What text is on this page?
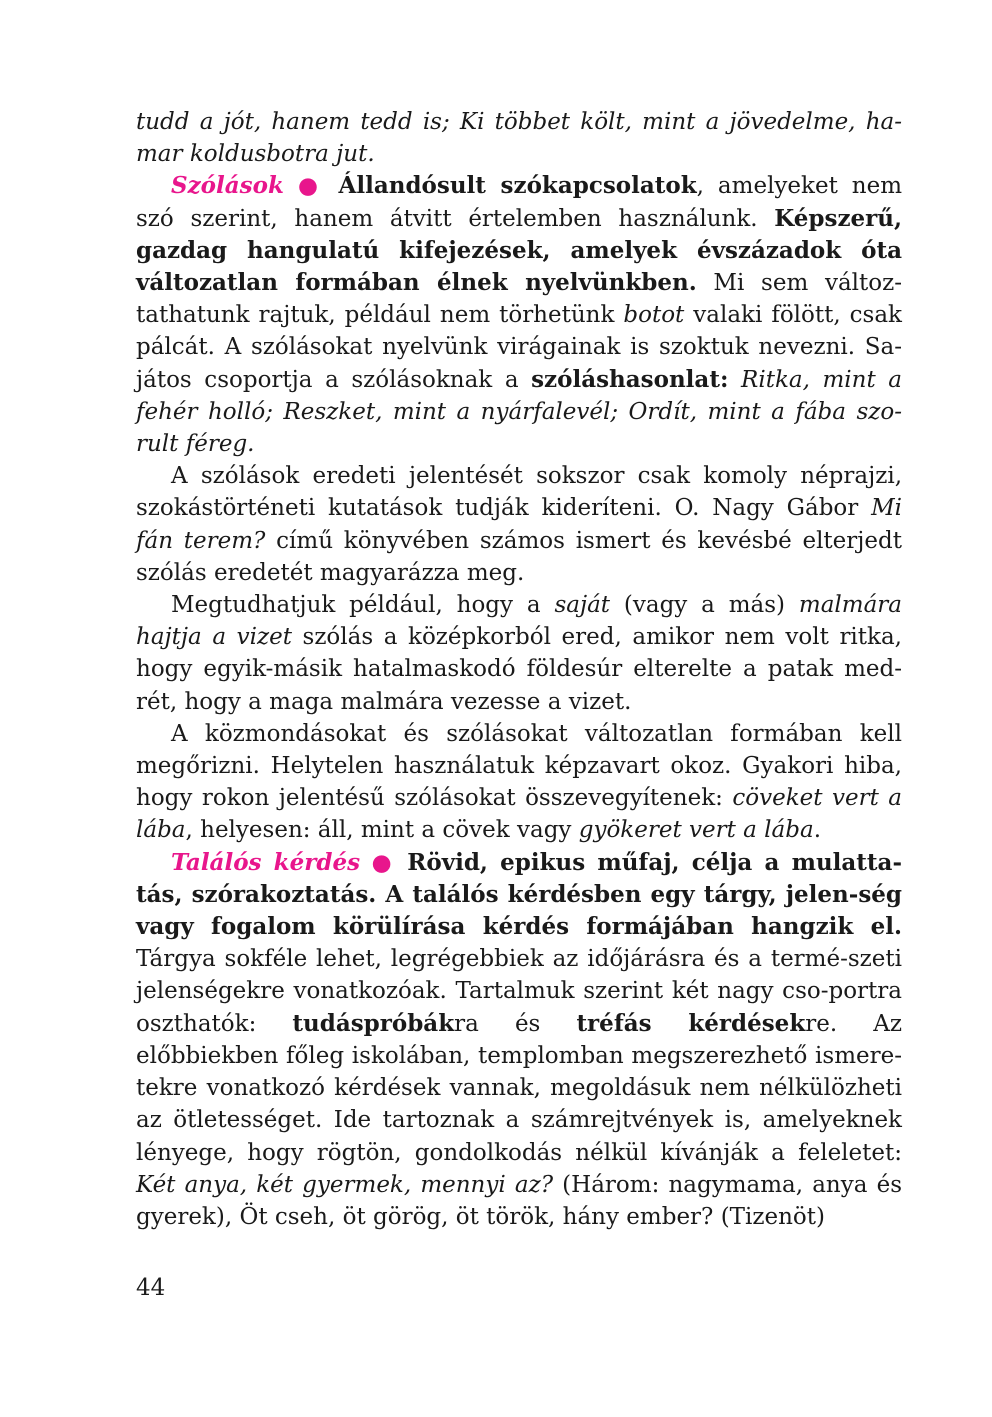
tudd a jót, hanem tedd is; Ki többet költ, mint a jövedelme, ha-mar koldusbotra jut.

Szólások ● Állandósult szókapcsolatok, amelyeket nem szó szerint, hanem átvitt értelemben használunk. Képszerű, gazdag hangulatú kifejezések, amelyek évszázadok óta változatlan formában élnek nyelvünkben. Mi sem változ-tathatunk rajtuk, például nem törhetünk botot valaki fölött, csak pálcát. A szólásokat nyelvünk virágainak is szoktuk nevezni. Sa-játos csoportja a szólásoknak a szóláshasonlat: Ritka, mint a fehér holló; Reszket, mint a nyárfalevél; Ordít, mint a fába szo-rult féreg.

A szólások eredeti jelentését sokszor csak komoly néprajzi, szokástörténeti kutatások tudják kideríteni. O. Nagy Gábor Mi fán terem? című könyvében számos ismert és kevésbé elterjedt szólás eredetét magyarázza meg.

Megtudhatjuk például, hogy a saját (vagy a más) malmára hajtja a vizet szólás a középkorból ered, amikor nem volt ritka, hogy egyik-másik hatalmaskodó földesúr elterelte a patak med-rét, hogy a maga malmára vezesse a vizet.

A közmondásokat és szólásokat változatlan formában kell megőrizni. Helytelen használatuk képzavart okoz. Gyakori hiba, hogy rokon jelentésű szólásokat összevegyítenek: cöveket vert a lába, helyesen: áll, mint a cövek vagy gyökeret vert a lába.

Találós kérdés ● Rövid, epikus műfaj, célja a mulatta-tás, szórakoztatás. A találós kérdésben egy tárgy, jelen-ség vagy fogalom körülírása kérdés formájában hangzik el. Tárgya sokféle lehet, legrégebbiek az időjárásra és a termé-szeti jelenségekre vonatkozóak. Tartalmuk szerint két nagy cso-portra oszthatók: tudáspróbákra és tréfás kérdésekre. Az előbbiekben főleg iskolában, templomban megszerezhető ismere-tekre vonatkozó kérdések vannak, megoldásuk nem nélkülözheti az ötletességet. Ide tartoznak a számrejtvények is, amelyeknek lényege, hogy rögtön, gondolkodás nélkül kívánják a feleletet: Két anya, két gyermek, mennyi az? (Három: nagymama, anya és gyerek), Öt cseh, öt görög, öt török, hány ember? (Tizenöt)

44
